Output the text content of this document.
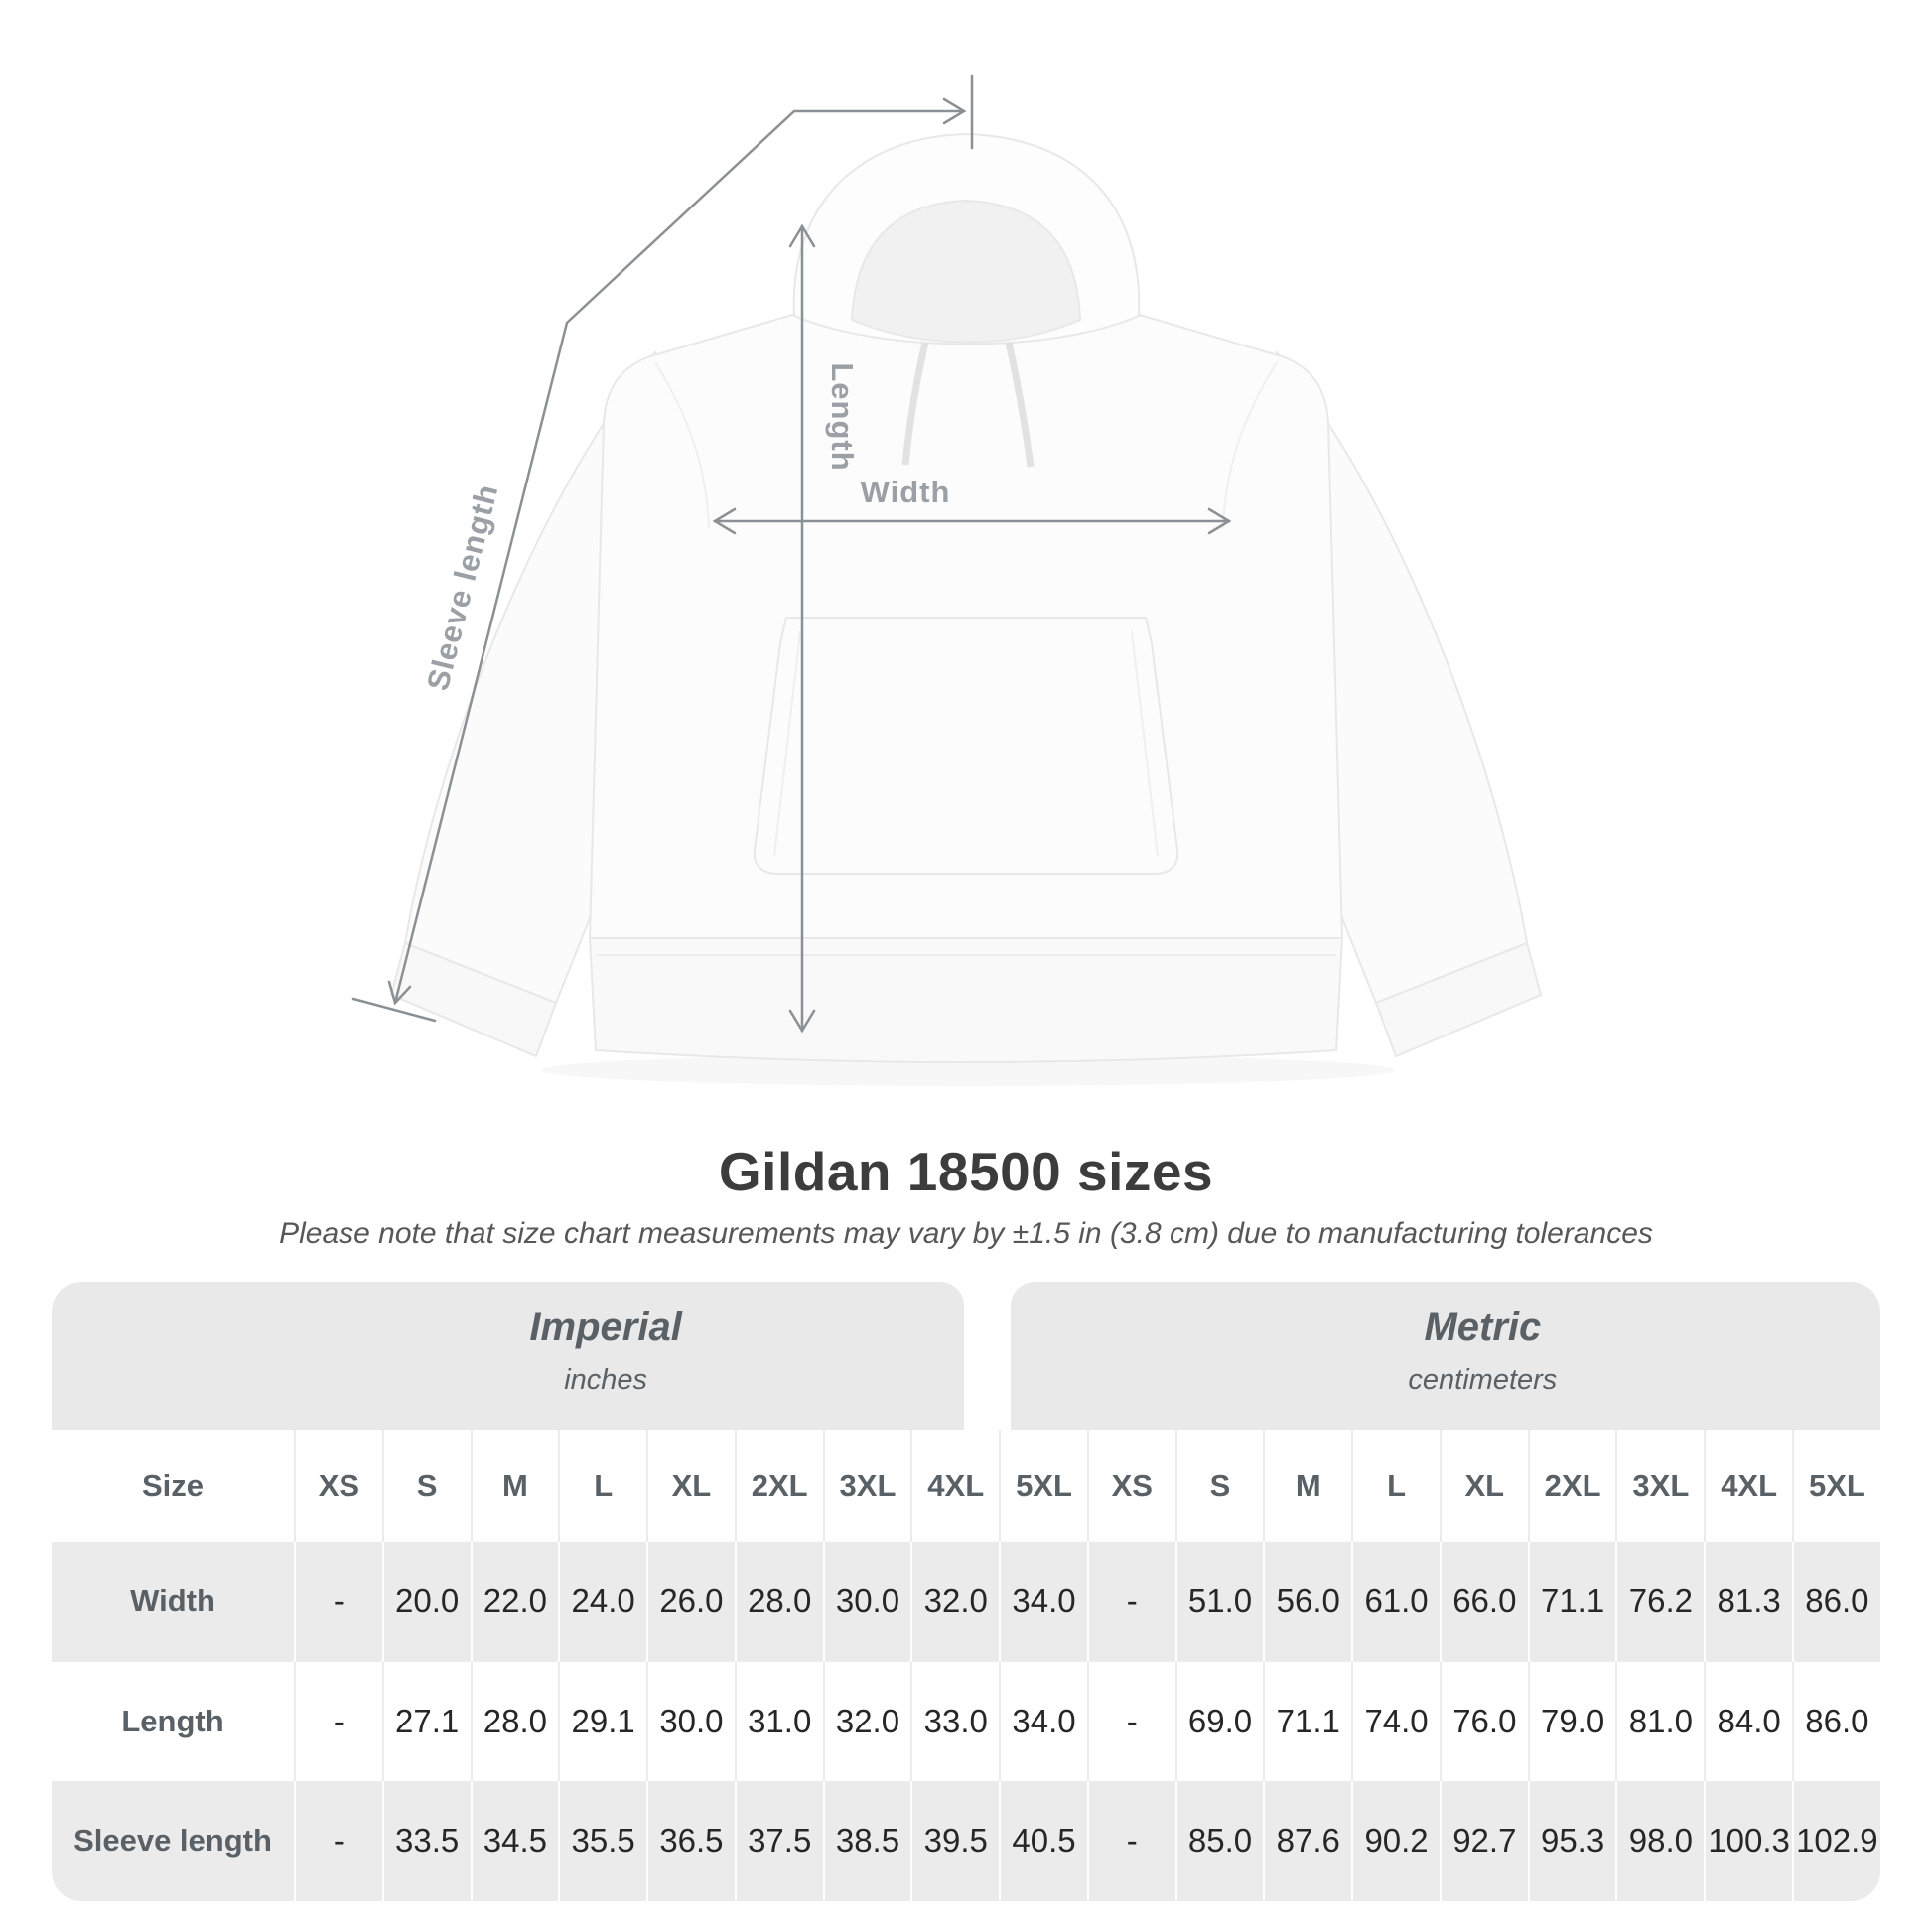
Length
Width
Sleeve length
Gildan 18500 sizes

Please note that size chart measurements may vary by ±1.5 in (3.8 cm) due to manufacturing tolerances

Imperial
inches
Metric
centimeters
Size	XS	S	M	L	XL	2XL	3XL	4XL	5XL	XS	S	M	L	XL	2XL	3XL	4XL	5XL
Width	-	20.0 22.0 24.0 26.0 28.0 30.0 32.0 34.0	-	51.0 56.0 61.0 66.0 71.1 76.2 81.3 86.0
Length	-	27.1 28.0 29.1 30.0 31.0 32.0 33.0 34.0	-	69.0 71.1 74.0 76.0 79.0 81.0 84.0 86.0
Sleeve length	-	33.5 34.5 35.5 36.5 37.5 38.5 39.5 40.5	-	85.0 87.6 90.2 92.7 95.3 98.0 100.3 102.9
